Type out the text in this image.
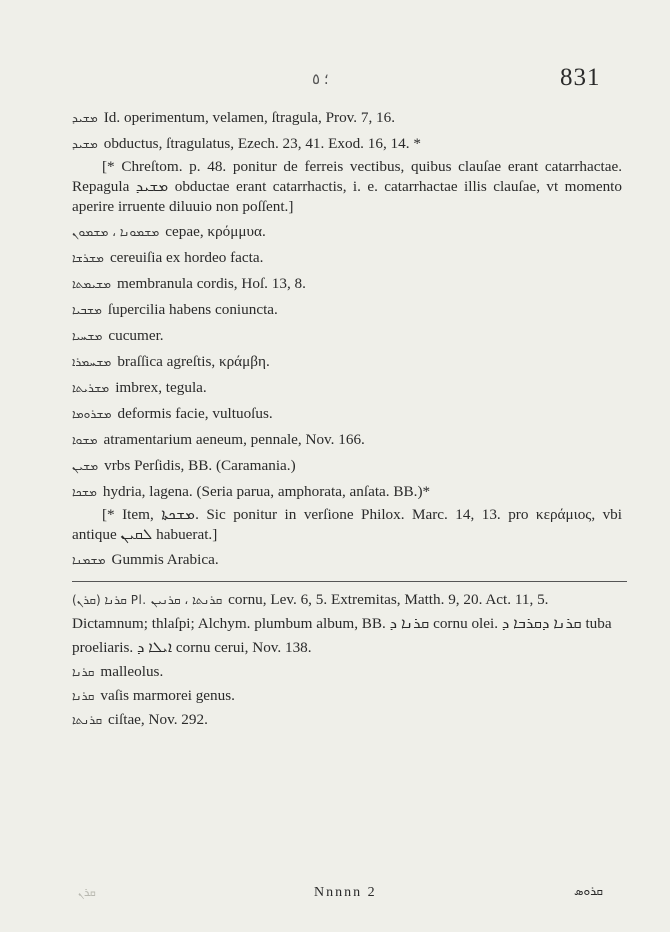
؛ ٥	831
ܡܫܝܕ Id. operimentum, velamen, ſtragula, Prov. 7, 16.
ܡܫܝܕ obductus, ſtragulatus, Ezech. 23, 41. Exod. 16, 14. *
[* Chreſtom. p. 48. ponitur de ferreis vectibus, quibus clauſae erant catarrhactae. Repagula ܡܫܝܕ obductae erant catarrhactis, i. e. catarrhactae illis clauſae, vt momento aperire irruente diluuio non poſſent.]
ܡܫܡܘܢܐ ، ܡܫܡܘܢ cepae, κρόμμυα.
ܡܫܪܫܐ cereuiſia ex hordeo facta.
ܡܫܝܡܬܐ membranula cordis, Hoſ. 13, 8.
ܡܫܒܝܐ ſupercilia habens coniuncta.
ܡܫܚܝܐ cucumer.
ܡܫܚܡܪܐ braſſica agreſtis, κράμβη.
ܡܫܪܝܬܐ imbrex, tegula.
ܡܫܪܘܡܐ deformis facie, vultuoſus.
ܡܫܘܐ atramentarium aeneum, pennale, Nov. 166.
ܡܫܝܢ vrbs Perſidis, BB. (Caramania.)
ܡܫܟܐ hydria, lagena. (Seria parua, amphorata, anſata. BB.)*
[* Item, ܡܫܟܬܐ. Sic ponitur in verſione Philox. Marc. 14, 13. pro κεράμιος, vbi antique ܠܩܝܢ habuerat.]
ܡܫܡܢܐ Gummis Arabica.
(ܩܪܢ) ܩܪܢܐ Pl. ܩܪܢܬܐ ، ܩܪܢܝܢ cornu, Lev. 6, 5. Extremitas, Matth. 9, 20. Act. 11, 5. Dictamnum; thlaſpi; Alchym. plumbum album, BB. ܩܪܢܐ ܕ cornu olei. ܩܪܢܐ ܕܩܪܒܐ ܕ tuba proeliaris. ܐܝܠܐ ܕ cornu cerui, Nov. 138.
ܩܪܢܐ malleolus.
ܩܪܢܐ vaſis marmorei genus.
ܩܪܢܬܐ ciſtae, Nov. 292.
ܩܪܢ	Nnnnn 2	ܩܪܘܣ
